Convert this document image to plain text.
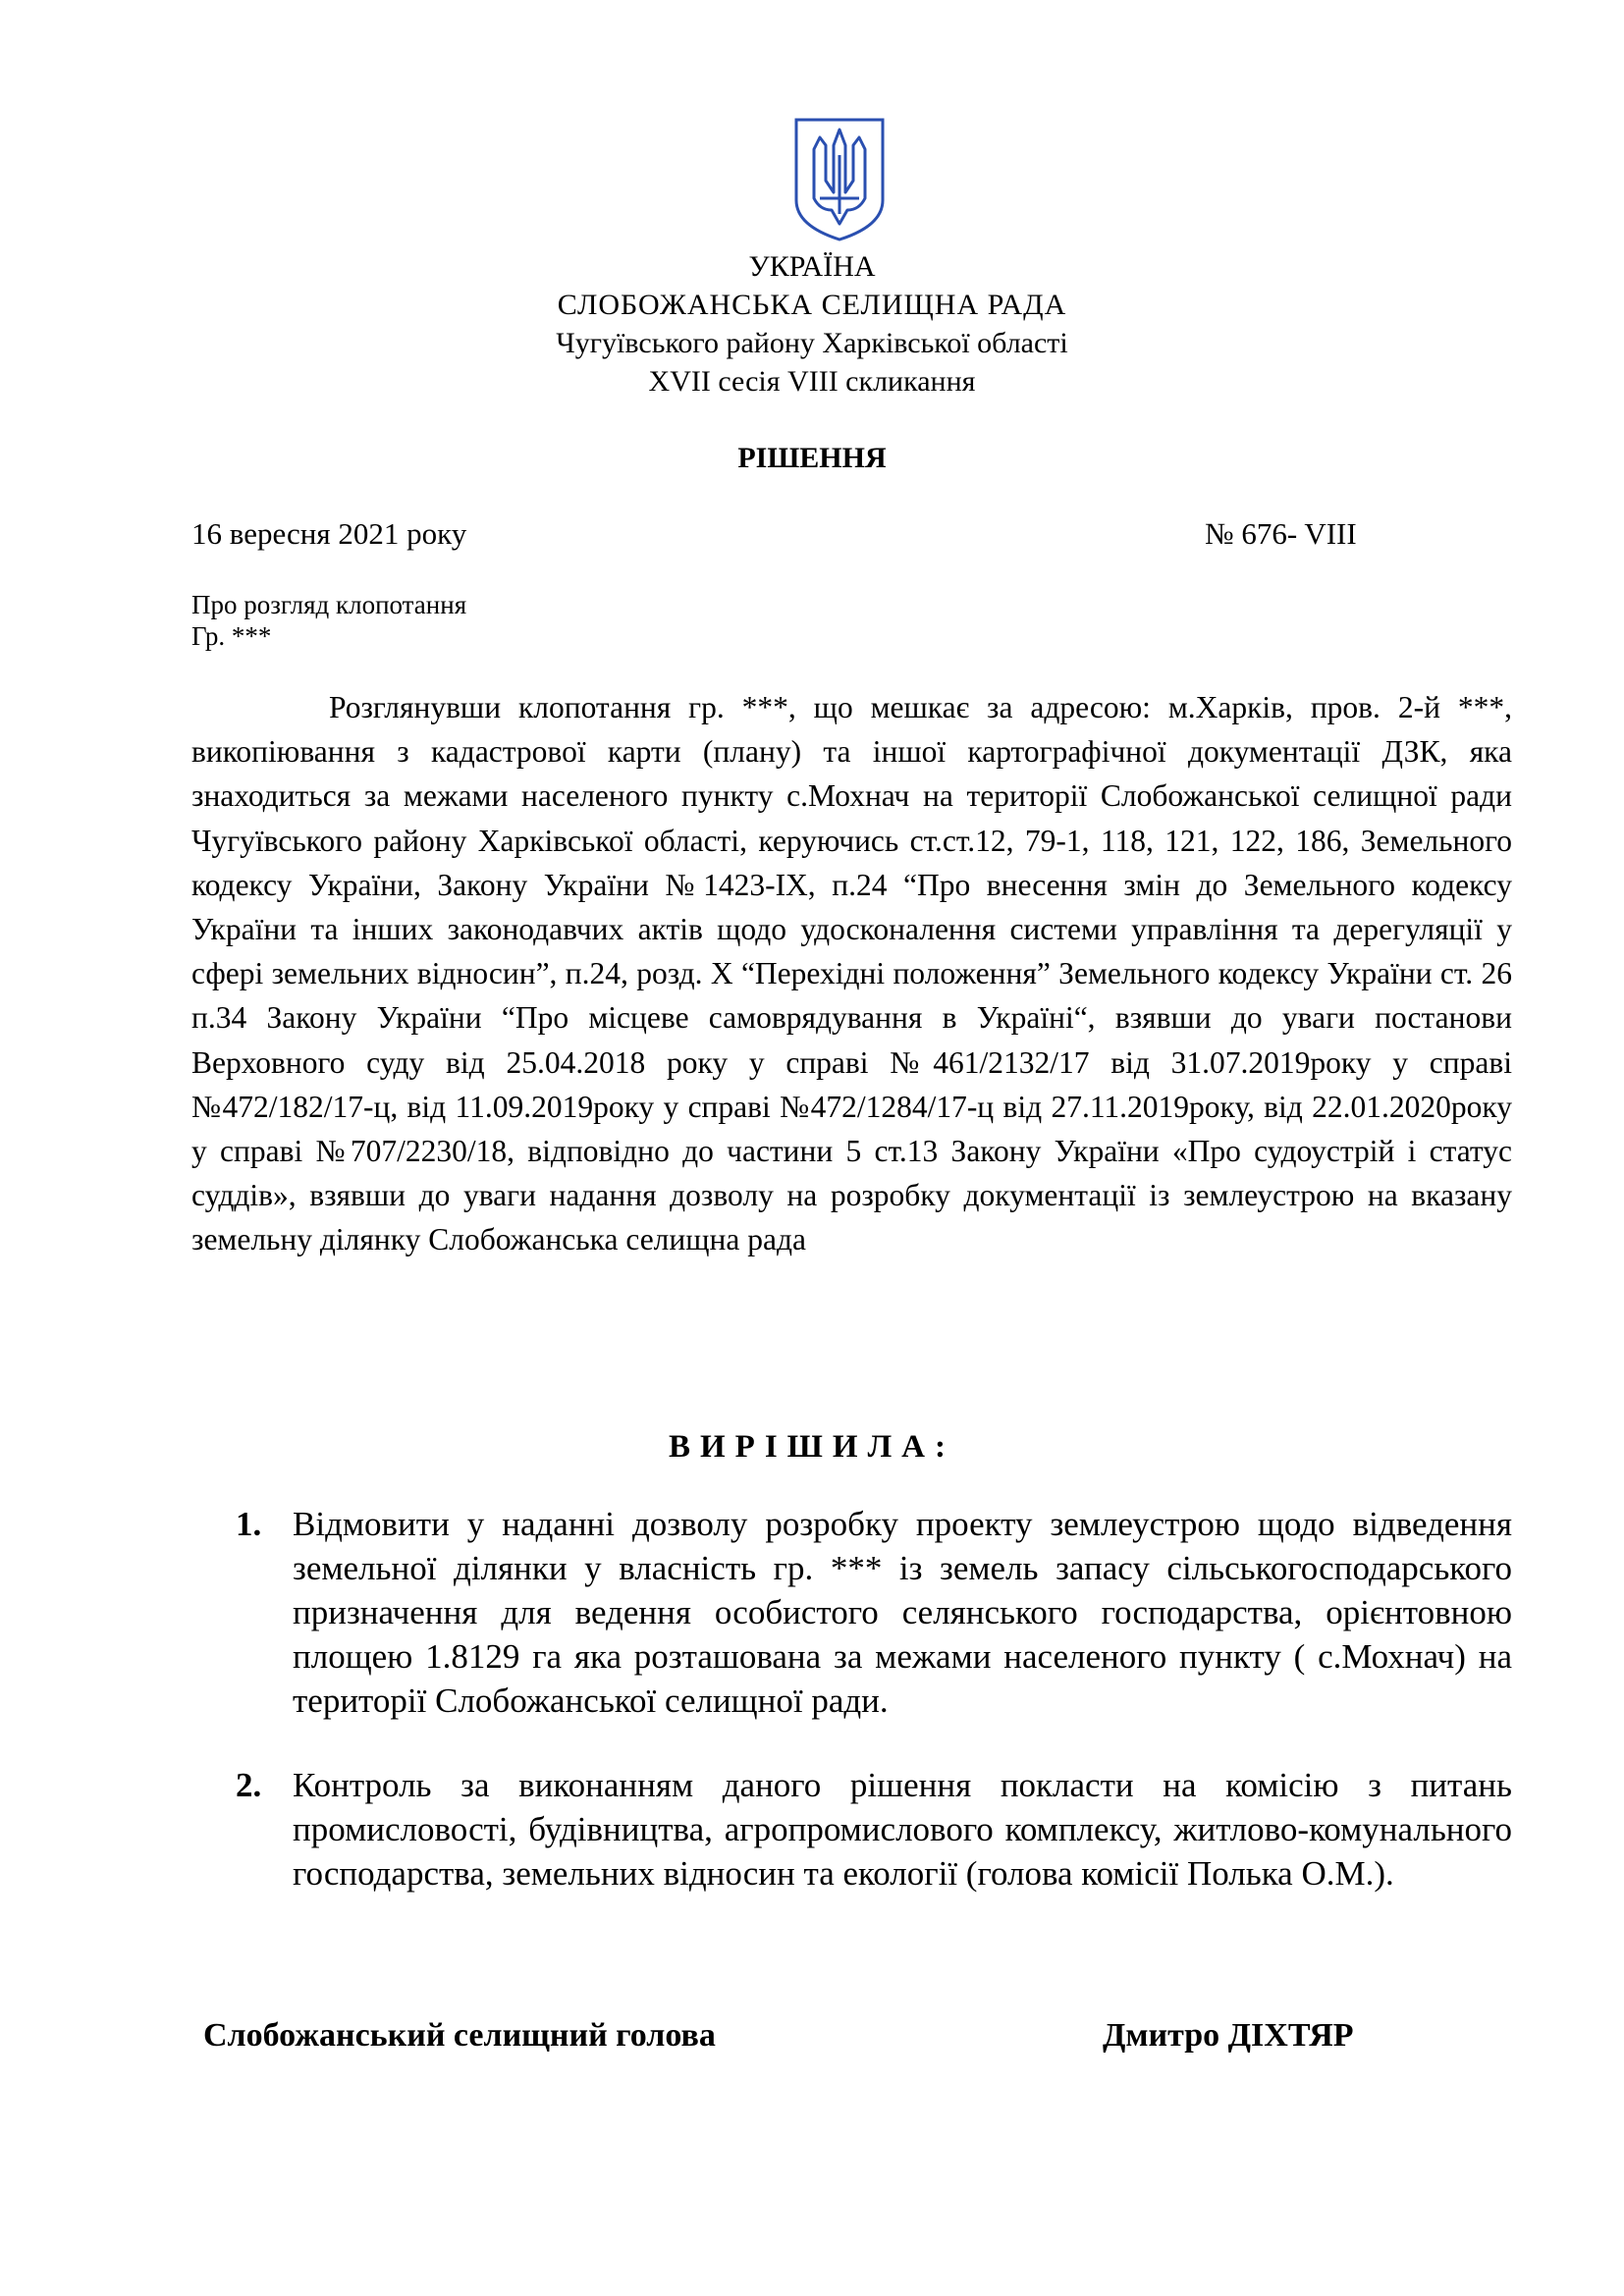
УКРАЇНА
СЛОБОЖАНСЬКА СЕЛИЩНА РАДА
Чугуївського району Харківської області
XVII сесія VIII скликання
РІШЕННЯ
16 вересня 2021 року	№ 676- VIII
Про розгляд клопотання
Гр. ***

Розглянувши клопотання гр. ***, що мешкає за адресою: м.Харків, пров. 2-й ***, викопіювання з кадастрової карти (плану) та іншої картографічної документації ДЗК, яка знаходиться за межами населеного пункту с.Мохнач на території Слобожанської селищної ради Чугуївського району Харківської області, керуючись ст.ст.12, 79-1, 118, 121, 122, 186, Земельного кодексу України, Закону України №1423-IX, п.24 “Про внесення змін до Земельного кодексу України та інших законодавчих актів щодо удосконалення системи управління та дерегуляції у сфері земельних відносин”, п.24, розд. X “Перехідні положення” Земельного кодексу України ст. 26 п.34 Закону України “Про місцеве самоврядування в Україні“, взявши до уваги постанови Верховного суду від 25.04.2018 року у справі №461/2132/17 від 31.07.2019року у справі №472/182/17-ц, від 11.09.2019року у справі №472/1284/17-ц від 27.11.2019року, від 22.01.2020року у справі №707/2230/18, відповідно до частини 5 ст.13 Закону України «Про судоустрій і статус суддів», взявши до уваги надання дозволу на розробку документації із землеустрою на вказану земельну ділянку Слобожанська селищна рада

ВИРІШИЛА:
1. Відмовити у наданні дозволу розробку проекту землеустрою щодо відведення земельної ділянки у власність гр. *** із земель запасу сільськогосподарського призначення для ведення особистого селянського господарства, орієнтовною площею 1.8129 га яка розташована за межами населеного пункту ( с.Мохнач) на території Слобожанської селищної ради.
2. Контроль за виконанням даного рішення покласти на комісію з питань промисловості, будівництва, агропромислового комплексу, житлово-комунального господарства, земельних відносин та екології (голова комісії Полька О.М.).
Слобожанський селищний голова	Дмитро ДІХТЯР
